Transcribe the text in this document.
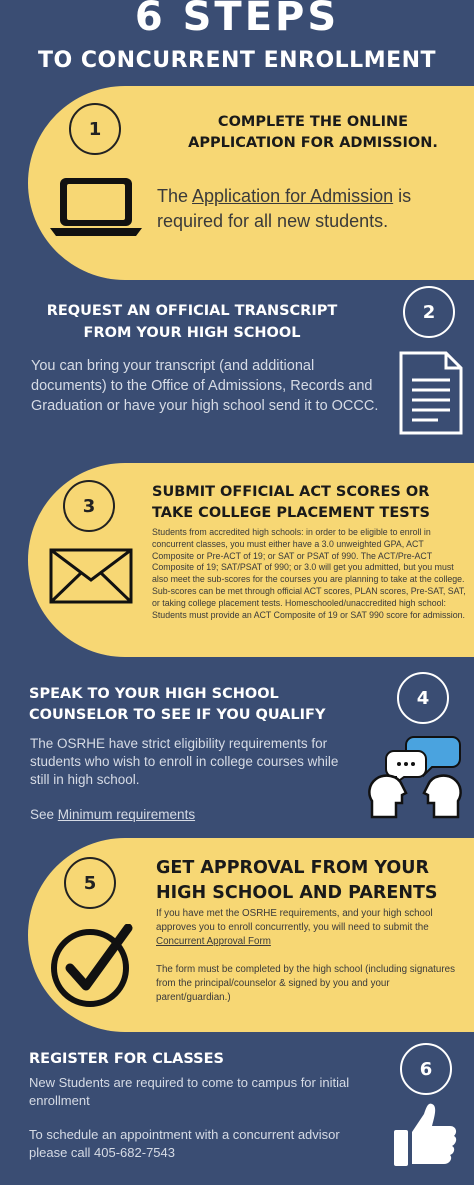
6 STEPS
TO CONCURRENT ENROLLMENT
1	COMPLETE THE ONLINE
APPLICATION FOR ADMISSION.
The Application for Admission is required for all new students.
REQUEST AN OFFICIAL TRANSCRIPT
FROM YOUR HIGH SCHOOL
2
You can bring your transcript (and additional documents) to the Office of Admissions, Records and Graduation or have your high school send it to OCCC.
3
SUBMIT OFFICIAL ACT SCORES OR
TAKE COLLEGE PLACEMENT TESTS
Students from accredited high schools: in order to be eligible to enroll in concurrent classes, you must either have a 3.0 unweighted GPA, ACT Composite or Pre-ACT of 19; or SAT or PSAT of 990. The ACT/Pre-ACT Composite of 19; SAT/PSAT of 990; or 3.0 will get you admitted, but you must also meet the sub-scores for the courses you are planning to take at the college. Sub-scores can be met through official ACT scores, PLAN scores, Pre-SAT, SAT, or taking college placement tests. Homeschooled/unaccredited high school: Students must provide an ACT Composite of 19 or SAT 990 score for admission.
SPEAK TO YOUR HIGH SCHOOL
COUNSELOR TO SEE IF YOU QUALIFY
4
The OSRHE have strict eligibility requirements for students who wish to enroll in college courses while still in high school.
See Minimum requirements
5
GET APPROVAL FROM YOUR
HIGH SCHOOL AND PARENTS
If you have met the OSRHE requirements, and your high school approves you to enroll concurrently, you will need to submit the
Concurrent Approval Form
The form must be completed by the high school (including signatures from the principal/counselor & signed by you and your parent/guardian.)
REGISTER FOR CLASSES	6
New Students are required to come to campus for initial enrollment
To schedule an appointment with a concurrent advisor please call 405-682-7543
